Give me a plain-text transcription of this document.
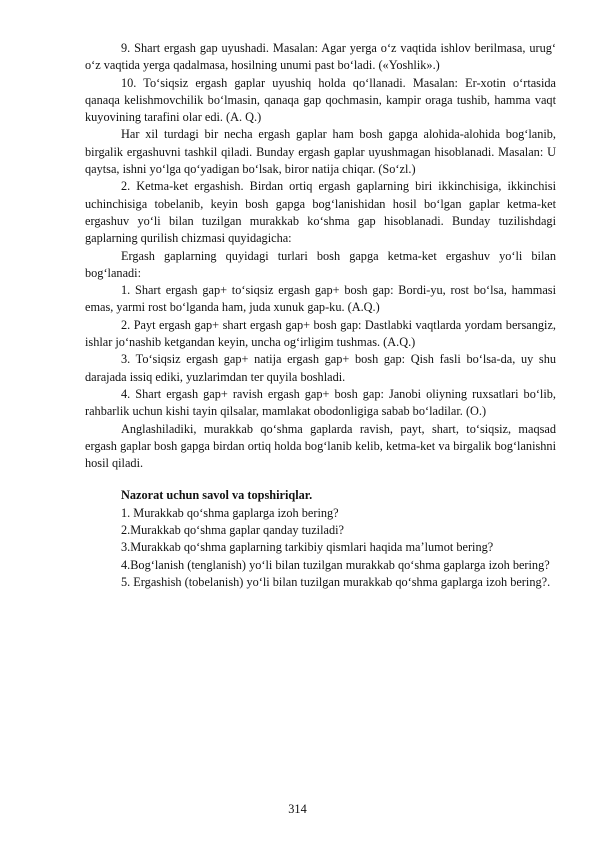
9. Shart ergash gap uyushadi. Masalan: Agar yerga o‘z vaqtida ishlov berilmasa, urug‘ o‘z vaqtida yerga qadalmasa, hosilning unumi past bo‘ladi. («Yoshlik».)

10. To‘siqsiz ergash gaplar uyushiq holda qo‘llanadi. Masalan: Er-xotin o‘rtasida qanaqa kelishmovchilik bo‘lmasin, qanaqa gap qochmasin, kampir oraga tushib, hamma vaqt kuyovining tarafini olar edi. (A. Q.)

Har xil turdagi bir necha ergash gaplar ham bosh gapga alohida-alohida bog‘lanib, birgalik ergashuvni tashkil qiladi. Bunday ergash gaplar uyushmagan hisoblanadi. Masalan: U qaytsa, ishni yo‘lga qo‘yadigan bo‘lsak, biror natija chiqar. (So‘zl.)

2. Ketma-ket ergashish. Birdan ortiq ergash gaplarning biri ikkinchisiga, ikkinchisi uchinchisiga tobelanib, keyin bosh gapga bog‘lanishidan hosil bo‘lgan gaplar ketma-ket ergashuv yo‘li bilan tuzilgan murakkab ko‘shma gap hisoblanadi. Bunday tuzilishdagi gaplarning qurilish chizmasi quyidagicha:

Ergash gaplarning quyidagi turlari bosh gapga ketma-ket ergashuv yo‘li bilan bog‘lanadi:

1. Shart ergash gap+ to‘siqsiz ergash gap+ bosh gap: Bordi-yu, rost bo‘lsa, hammasi emas, yarmi rost bo‘lganda ham, juda xunuk gap-ku. (A.Q.)

2. Payt ergash gap+ shart ergash gap+ bosh gap: Dastlabki vaqtlarda yordam bersangiz, ishlar jo‘nashib ketgandan keyin, uncha og‘irligim tushmas. (A.Q.)

3. To‘siqsiz ergash gap+ natija ergash gap+ bosh gap: Qish fasli bo‘lsa-da, uy shu darajada issiq ediki, yuzlarimdan ter quyila boshladi.

4. Shart ergash gap+ ravish ergash gap+ bosh gap: Janobi oliyning ruxsatlari bo‘lib, rahbarlik uchun kishi tayin qilsalar, mamlakat obodonligiga sabab bo‘ladilar. (O.)

Anglashiladiki, murakkab qo‘shma gaplarda ravish, payt, shart, to‘siqsiz, maqsad ergash gaplar bosh gapga birdan ortiq holda bog‘lanib kelib, ketma-ket va birgalik bog‘lanishni hosil qiladi.

Nazorat uchun savol va topshiriqlar.

1. Murakkab qo‘shma gaplarga izoh bering?

2.Murakkab qo‘shma gaplar qanday tuziladi?

3.Murakkab qo‘shma gaplarning tarkibiy qismlari haqida ma’lumot bering?

4.Bog‘lanish (tenglanish) yo‘li bilan tuzilgan murakkab qo‘shma gaplarga izoh bering?

5. Ergashish (tobelanish) yo‘li bilan tuzilgan murakkab qo‘shma gaplarga izoh bering?.

314
